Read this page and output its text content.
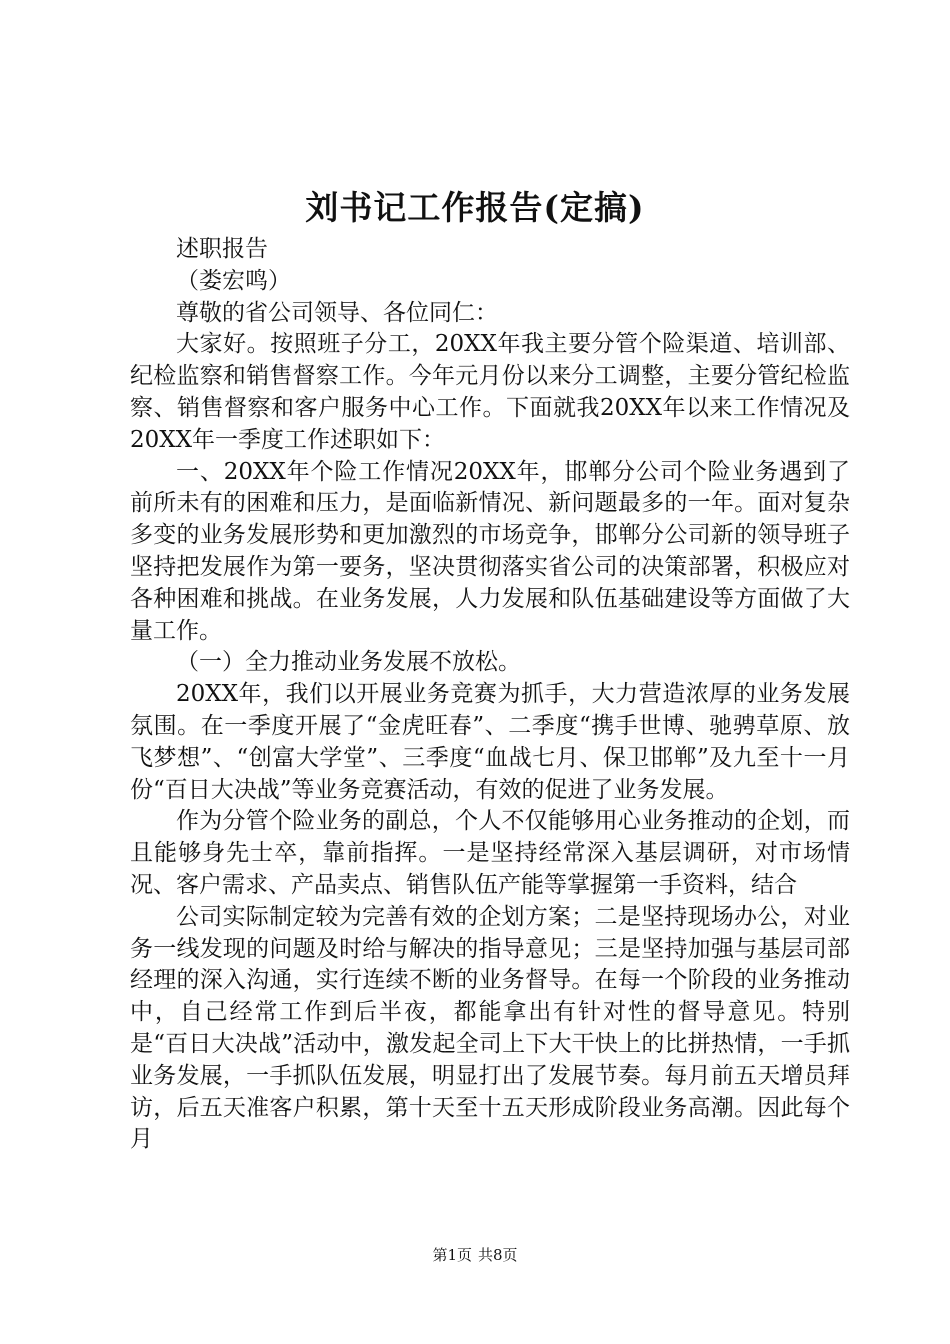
刘书记工作报告(定搞)

述职报告

（娄宏鸣）

尊敬的省公司领导、各位同仁：

大家好。按照班子分工，20XX年我主要分管个险渠道、培训部、纪检监察和销售督察工作。今年元月份以来分工调整，主要分管纪检监察、销售督察和客户服务中心工作。下面就我20XX年以来工作情况及20XX年一季度工作述职如下：

一、20XX年个险工作情况20XX年，邯郸分公司个险业务遇到了前所未有的困难和压力，是面临新情况、新问题最多的一年。面对复杂多变的业务发展形势和更加激烈的市场竞争，邯郸分公司新的领导班子坚持把发展作为第一要务，坚决贯彻落实省公司的决策部署，积极应对各种困难和挑战。在业务发展，人力发展和队伍基础建设等方面做了大量工作。

（一）全力推动业务发展不放松。

20XX年，我们以开展业务竞赛为抓手，大力营造浓厚的业务发展氛围。在一季度开展了“金虎旺春”、二季度“携手世博、驰骋草原、放飞梦想”、“创富大学堂”、三季度“血战七月、保卫邯郸”及九至十一月份“百日大决战”等业务竞赛活动，有效的促进了业务发展。

作为分管个险业务的副总，个人不仅能够用心业务推动的企划，而且能够身先士卒，靠前指挥。一是坚持经常深入基层调研，对市场情况、客户需求、产品卖点、销售队伍产能等掌握第一手资料，结合

公司实际制定较为完善有效的企划方案；二是坚持现场办公，对业务一线发现的问题及时给与解决的指导意见；三是坚持加强与基层司部经理的深入沟通，实行连续不断的业务督导。在每一个阶段的业务推动中，自己经常工作到后半夜，都能拿出有针对性的督导意见。特别是“百日大决战”活动中，激发起全司上下大干快上的比拼热情，一手抓业务发展，一手抓队伍发展，明显打出了发展节奏。每月前五天增员拜访，后五天准客户积累，第十天至十五天形成阶段业务高潮。因此每个月

第1页 共8页
